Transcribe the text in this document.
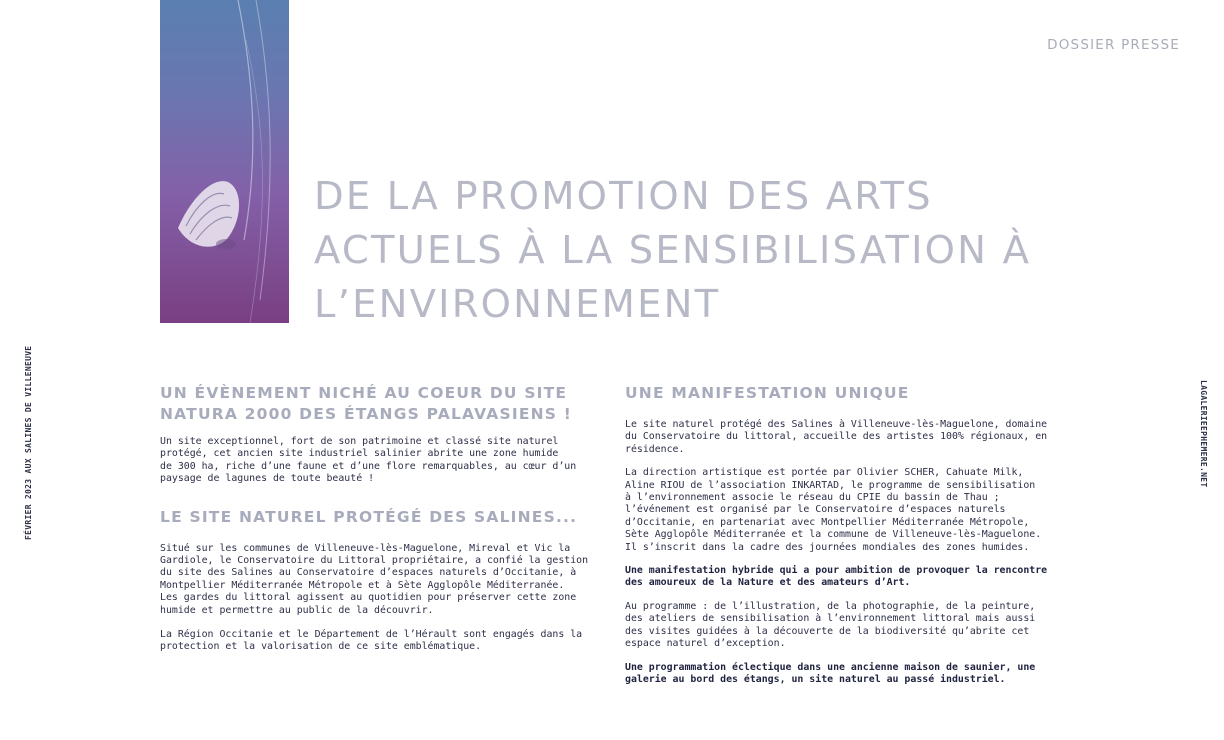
DOSSIER PRESSE
DE LA PROMOTION DES ARTS
ACTUELS À LA SENSIBILISATION À
L’ENVIRONNEMENT
FÉVRIER 2023 AUX SALINES DE VILLENEUVE	LAGALERIEEPHEMERE.NET
UN ÉVÈNEMENT NICHÉ AU COEUR DU SITE
NATURA 2000 DES ÉTANGS PALAVASIENS !

Un site exceptionnel, fort de son patrimoine et classé site naturel
protégé, cet ancien site industriel salinier abrite une zone humide
de 300 ha, riche d’une faune et d’une flore remarquables, au cœur d’un
paysage de lagunes de toute beauté !

LE SITE NATUREL PROTÉGÉ DES SALINES...

Situé sur les communes de Villeneuve-lès-Maguelone, Mireval et Vic la
Gardiole, le Conservatoire du Littoral propriétaire, a confié la gestion
du site des Salines au Conservatoire d’espaces naturels d’Occitanie, à
Montpellier Méditerranée Métropole et à Sète Agglopôle Méditerranée.
Les gardes du littoral agissent au quotidien pour préserver cette zone
humide et permettre au public de la découvrir.

La Région Occitanie et le Département de l’Hérault sont engagés dans la
protection et la valorisation de ce site emblématique.

UNE MANIFESTATION UNIQUE

Le site naturel protégé des Salines à Villeneuve-lès-Maguelone, domaine
du Conservatoire du littoral, accueille des artistes 100% régionaux, en
résidence.

La direction artistique est portée par Olivier SCHER, Cahuate Milk,
Aline RIOU de l’association INKARTAD, le programme de sensibilisation
à l’environnement associe le réseau du CPIE du bassin de Thau ;
l’événement est organisé par le Conservatoire d’espaces naturels
d’Occitanie, en partenariat avec Montpellier Méditerranée Métropole,
Sète Agglopôle Méditerranée et la commune de Villeneuve-lès-Maguelone.
Il s’inscrit dans la cadre des journées mondiales des zones humides.

Une manifestation hybride qui a pour ambition de provoquer la rencontre
des amoureux de la Nature et des amateurs d’Art.

Au programme : de l’illustration, de la photographie, de la peinture,
des ateliers de sensibilisation à l’environnement littoral mais aussi
des visites guidées à la découverte de la biodiversité qu’abrite cet
espace naturel d’exception.

Une programmation éclectique dans une ancienne maison de saunier, une
galerie au bord des étangs, un site naturel au passé industriel.
